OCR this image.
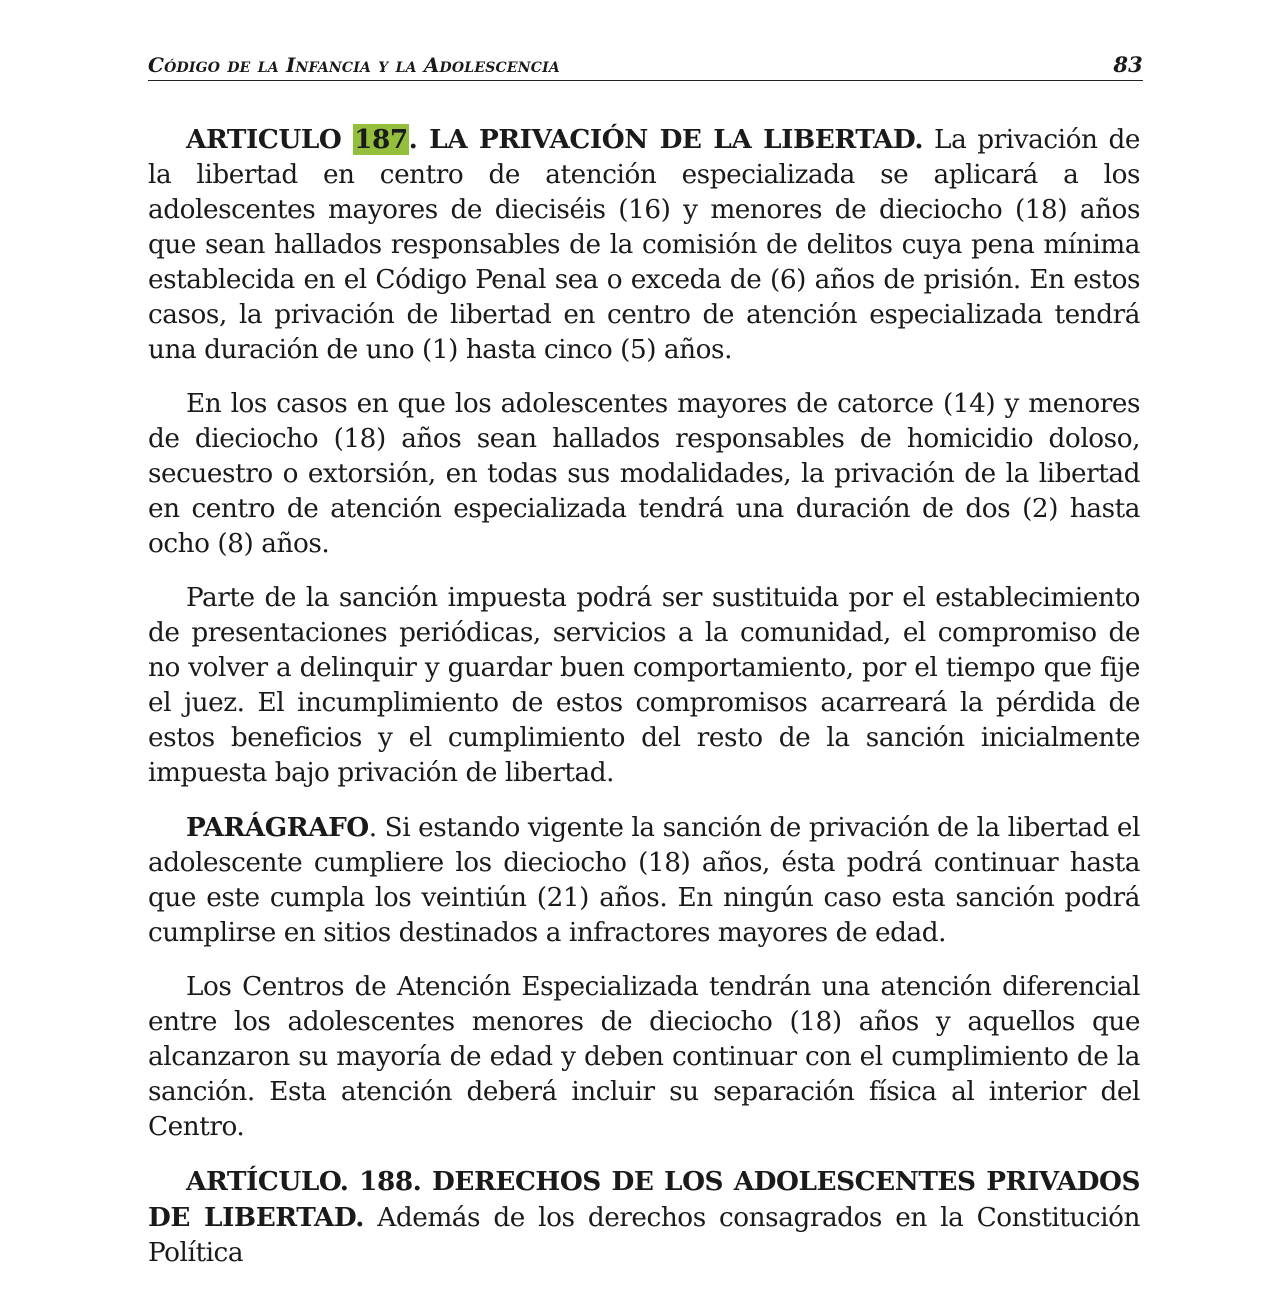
Código de la Infancia y la Adolescencia	83

ARTICULO 187. LA PRIVACIÓN DE LA LIBERTAD. La privación de la libertad en centro de atención especializada se aplicará a los adolescentes mayores de dieciséis (16) y menores de dieciocho (18) años que sean hallados responsables de la comisión de delitos cuya pena mínima establecida en el Código Penal sea o exceda de (6) años de prisión. En estos casos, la privación de libertad en centro de atención especializada tendrá una duración de uno (1) hasta cinco (5) años.

En los casos en que los adolescentes mayores de catorce (14) y menores de dieciocho (18) años sean hallados responsables de homicidio doloso, secuestro o extorsión, en todas sus modalidades, la privación de la libertad en centro de atención especializada tendrá una duración de dos (2) hasta ocho (8) años.

Parte de la sanción impuesta podrá ser sustituida por el establecimiento de presentaciones periódicas, servicios a la comunidad, el compromiso de no volver a delinquir y guardar buen comportamiento, por el tiempo que fije el juez. El incumplimiento de estos compromisos acarreará la pérdida de estos beneficios y el cumplimiento del resto de la sanción inicialmente impuesta bajo privación de libertad.

PARÁGRAFO. Si estando vigente la sanción de privación de la libertad el adolescente cumpliere los dieciocho (18) años, ésta podrá continuar hasta que este cumpla los veintiún (21) años. En ningún caso esta sanción podrá cumplirse en sitios destinados a infractores mayores de edad.

Los Centros de Atención Especializada tendrán una atención diferencial entre los adolescentes menores de dieciocho (18) años y aquellos que alcanzaron su mayoría de edad y deben continuar con el cumplimiento de la sanción. Esta atención deberá incluir su separación física al interior del Centro.

ARTÍCULO. 188. DERECHOS DE LOS ADOLESCENTES PRIVADOS DE LIBERTAD. Además de los derechos consagrados en la Constitución Política
